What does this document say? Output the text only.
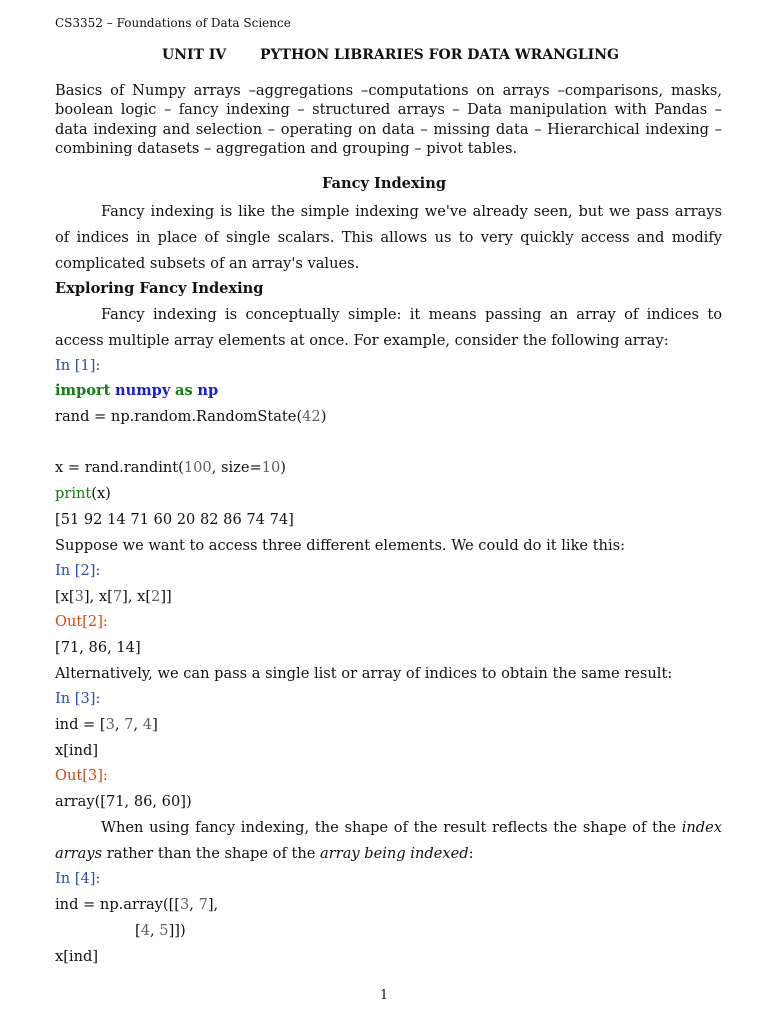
CS3352 – Foundations of Data Science
UNIT IV PYTHON LIBRARIES FOR DATA WRANGLING
Basics of Numpy arrays –aggregations –computations on arrays –comparisons, masks,
boolean logic – fancy indexing – structured arrays – Data manipulation with Pandas –
data indexing and selection – operating on data – missing data – Hierarchical indexing –
combining datasets – aggregation and grouping – pivot tables.
Fancy Indexing
Fancy indexing is like the simple indexing we've already seen, but we pass arrays
of indices in place of single scalars. This allows us to very quickly access and modify
complicated subsets of an array's values.
Exploring Fancy Indexing
Fancy indexing is conceptually simple: it means passing an array of indices to
access multiple array elements at once. For example, consider the following array:
In [1]:
import numpy as np
rand = np.random.RandomState(42)
x = rand.randint(100, size=10)
print(x)
[51 92 14 71 60 20 82 86 74 74]
Suppose we want to access three different elements. We could do it like this:
In [2]:
[x[3], x[7], x[2]]
Out[2]:
[71, 86, 14]
Alternatively, we can pass a single list or array of indices to obtain the same result:
In [3]:
ind = [3, 7, 4]
x[ind]
Out[3]:
array([71, 86, 60])
When using fancy indexing, the shape of the result reflects the shape of the index
arrays rather than the shape of the array being indexed:
In [4]:
ind = np.array([[3, 7],
[4, 5]])
x[ind]
1
